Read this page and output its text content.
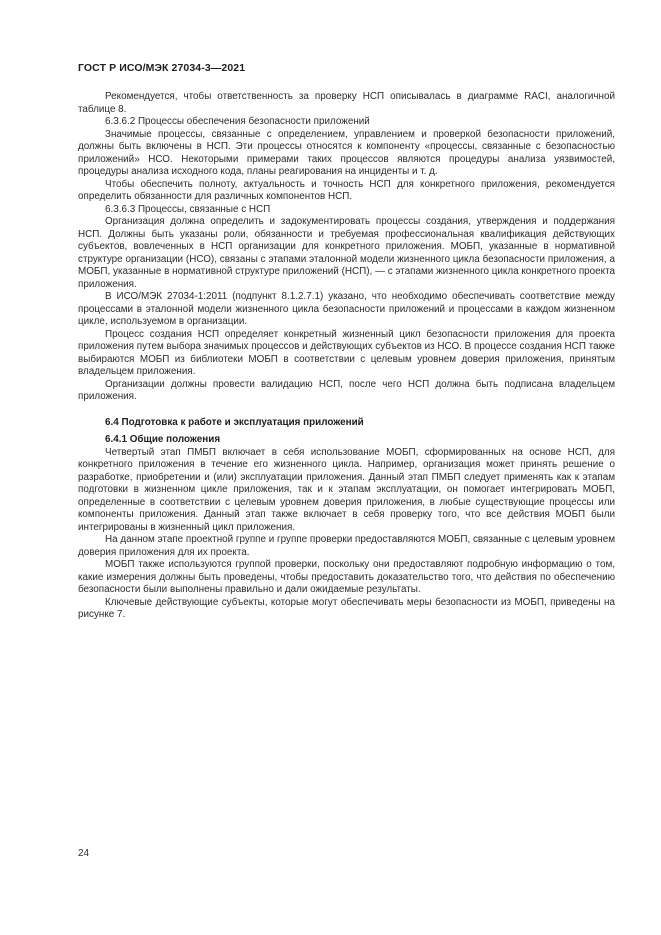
ГОСТ Р ИСО/МЭК 27034-3—2021

Рекомендуется, чтобы ответственность за проверку НСП описывалась в диаграмме RACI, аналогичной таблице 8.

6.3.6.2 Процессы обеспечения безопасности приложений

Значимые процессы, связанные с определением, управлением и проверкой безопасности приложений, должны быть включены в НСП. Эти процессы относятся к компоненту «процессы, связанные с безопасностью приложений» НСО. Некоторыми примерами таких процессов являются процедуры анализа уязвимостей, процедуры анализа исходного кода, планы реагирования на инциденты и т. д.

Чтобы обеспечить полноту, актуальность и точность НСП для конкретного приложения, рекомендуется определить обязанности для различных компонентов НСП.

6.3.6.3 Процессы, связанные с НСП

Организация должна определить и задокументировать процессы создания, утверждения и поддержания НСП. Должны быть указаны роли, обязанности и требуемая профессиональная квалификация действующих субъектов, вовлеченных в НСП организации для конкретного приложения. МОБП, указанные в нормативной структуре организации (НСО), связаны с этапами эталонной модели жизненного цикла безопасности приложения, а МОБП, указанные в нормативной структуре приложений (НСП), — с этапами жизненного цикла конкретного проекта приложения.

В ИСО/МЭК 27034-1:2011 (подпункт 8.1.2.7.1) указано, что необходимо обеспечивать соответствие между процессами в эталонной модели жизненного цикла безопасности приложений и процессами в каждом жизненном цикле, используемом в организации.

Процесс создания НСП определяет конкретный жизненный цикл безопасности приложения для проекта приложения путем выбора значимых процессов и действующих субъектов из НСО. В процессе создания НСП также выбираются МОБП из библиотеки МОБП в соответствии с целевым уровнем доверия приложения, принятым владельцем приложения.

Организации должны провести валидацию НСП, после чего НСП должна быть подписана владельцем приложения.

6.4 Подготовка к работе и эксплуатация приложений
6.4.1 Общие положения

Четвертый этап ПМБП включает в себя использование МОБП, сформированных на основе НСП, для конкретного приложения в течение его жизненного цикла. Например, организация может принять решение о разработке, приобретении и (или) эксплуатации приложения. Данный этап ПМБП следует применять как к этапам подготовки в жизненном цикле приложения, так и к этапам эксплуатации, он помогает интегрировать МОБП, определенные в соответствии с целевым уровнем доверия приложения, в любые существующие процессы или компоненты приложения. Данный этап также включает в себя проверку того, что все действия МОБП были интегрированы в жизненный цикл приложения.

На данном этапе проектной группе и группе проверки предоставляются МОБП, связанные с целевым уровнем доверия приложения для их проекта.

МОБП также используются группой проверки, поскольку они предоставляют подробную информацию о том, какие измерения должны быть проведены, чтобы предоставить доказательство того, что действия по обеспечению безопасности были выполнены правильно и дали ожидаемые результаты.

Ключевые действующие субъекты, которые могут обеспечивать меры безопасности из МОБП, приведены на рисунке 7.

24
